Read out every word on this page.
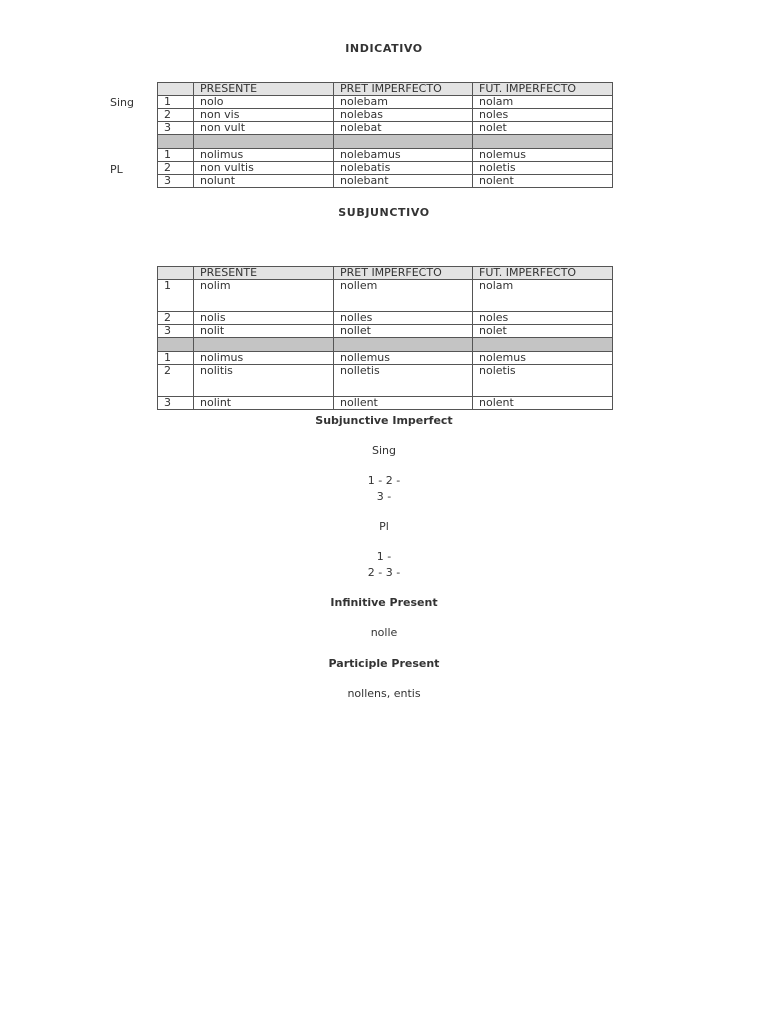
INDICATIVO
Sing
PL
	PRESENTE	PRET IMPERFECTO	FUT. IMPERFECTO
1	nolo	nolebam	nolam
2	non vis	nolebas	noles
3	non vult	nolebat	nolet

1	nolimus	nolebamus	nolemus
2	non vultis	nolebatis	noletis
3	nolunt	nolebant	nolent
SUBJUNCTIVO
	PRESENTE	PRET IMPERFECTO	FUT. IMPERFECTO
1	nolim	nollem	nolam
2	nolis	nolles	noles
3	nolit	nollet	nolet

1	nolimus	nollemus	nolemus
2	nolitis	nolletis	noletis
3	nolint	nollent	nolent
Subjunctive Imperfect
Sing
1 - 2 -
3 -
Pl
1 -
2 - 3 -
Infinitive Present
nolle
Participle Present
nollens, entis
